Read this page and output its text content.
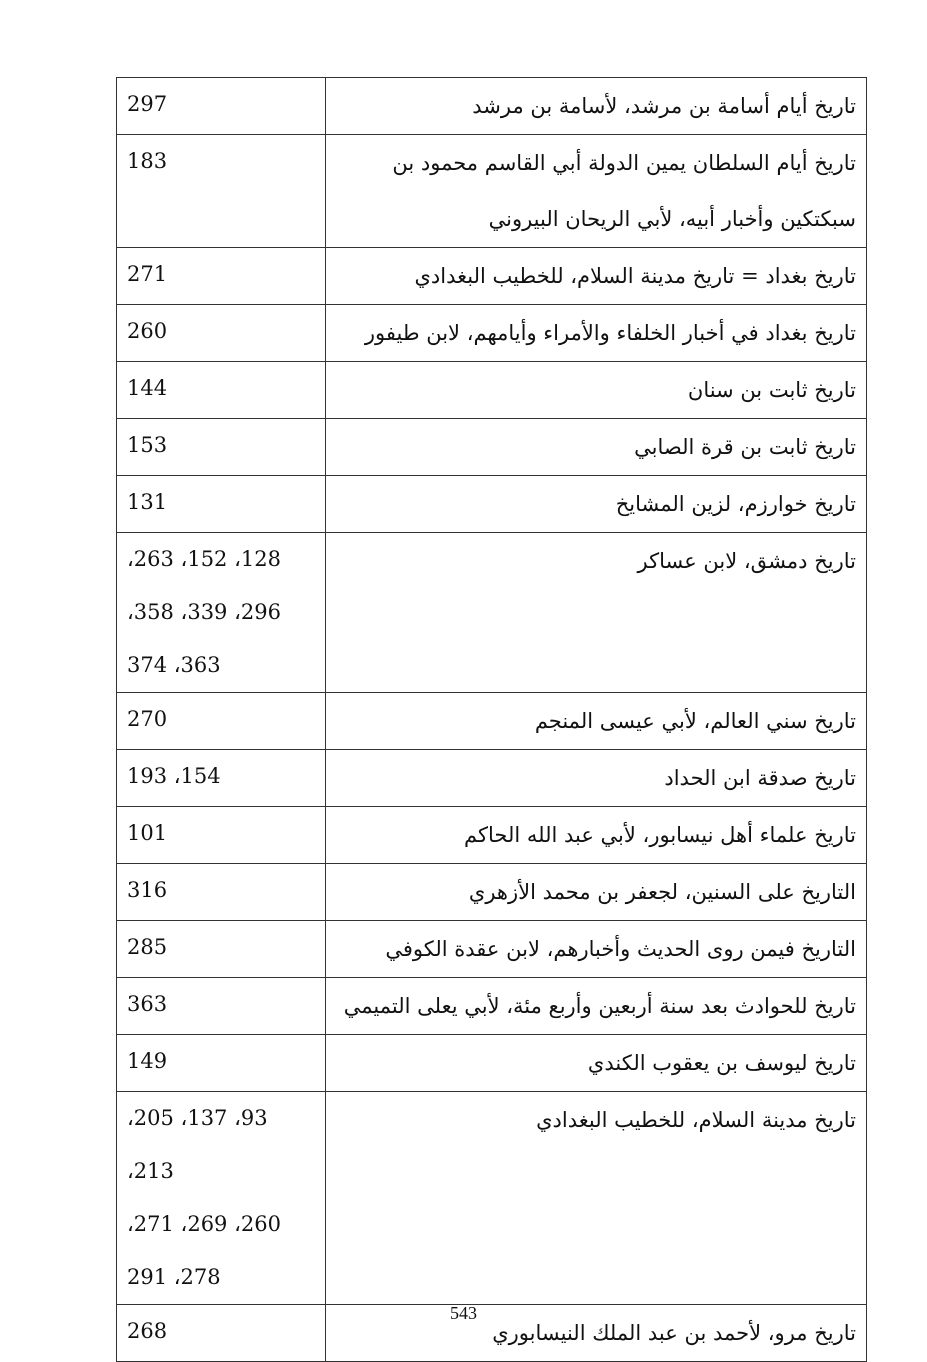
297	تاريخ أيام أسامة بن مرشد، لأسامة بن مرشد

183	تاريخ أيام السلطان يمين الدولة أبي القاسم محمود بن سبكتكين وأخبار أبيه، لأبي الريحان البيروني

271	تاريخ بغداد = تاريخ مدينة السلام، للخطيب البغدادي

260	تاريخ بغداد في أخبار الخلفاء والأمراء وأيامهم، لابن طيفور

144	تاريخ ثابت بن سنان

153	تاريخ ثابت بن قرة الصابي

131	تاريخ خوارزم، لزين المشايخ

128، 152، 263،
296، 339، 358،
363، 374	تاريخ دمشق، لابن عساكر

270	تاريخ سني العالم، لأبي عيسى المنجم

154، 193	تاريخ صدقة ابن الحداد

101	تاريخ علماء أهل نيسابور، لأبي عبد الله الحاكم

316	التاريخ على السنين، لجعفر بن محمد الأزهري

285	التاريخ فيمن روى الحديث وأخبارهم، لابن عقدة الكوفي

363	تاريخ للحوادث بعد سنة أربعين وأربع مئة، لأبي يعلى التميمي

149	تاريخ ليوسف بن يعقوب الكندي

93، 137، 205، 213،
260، 269، 271،
278، 291	تاريخ مدينة السلام، للخطيب البغدادي

268	تاريخ مرو، لأحمد بن عبد الملك النيسابوري
543
